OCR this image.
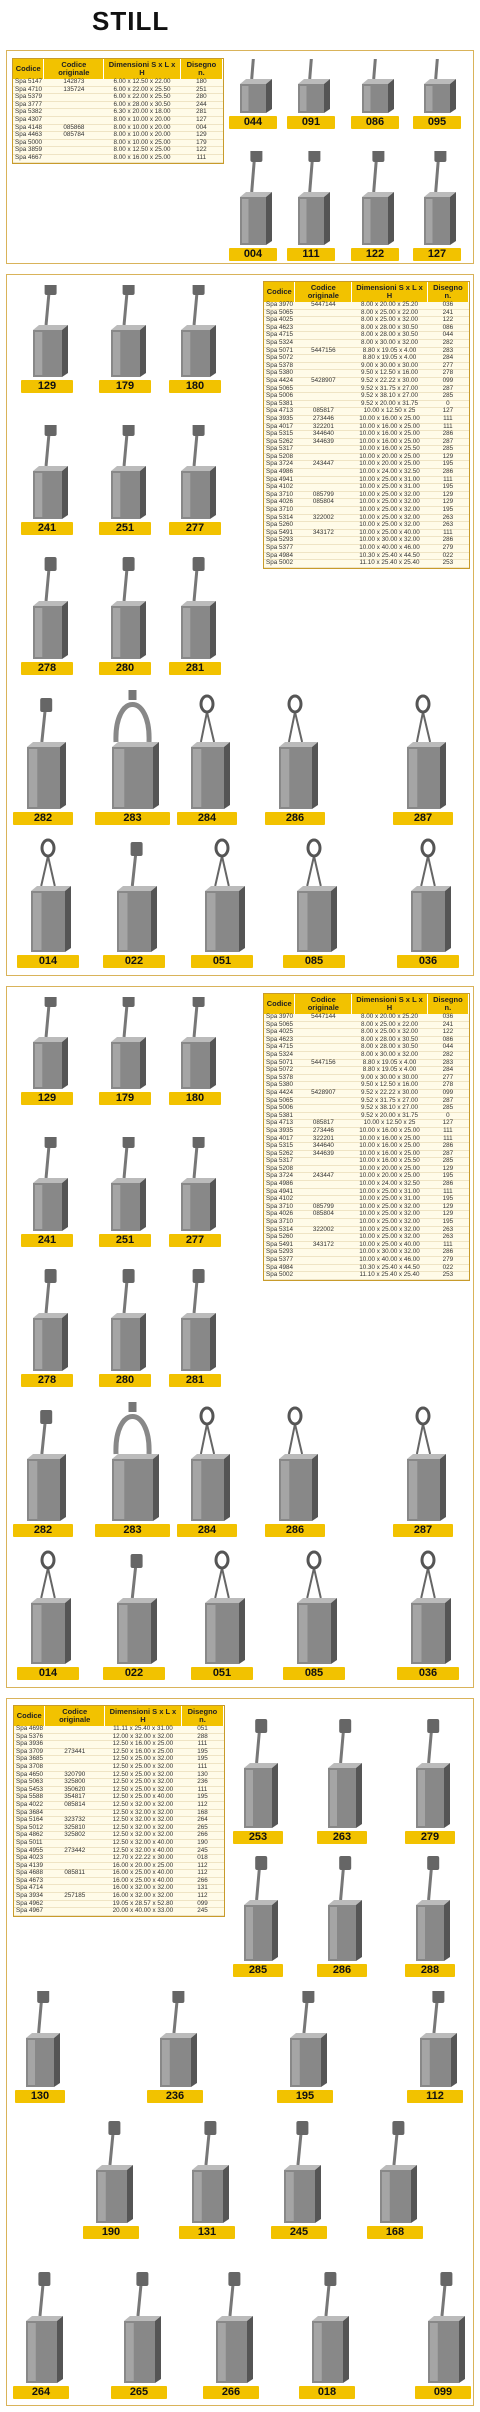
STILL
Codice	Codice originale	Dimensioni S x L x H	Disegno n.
Spa 5147	142873	6.00 x 12.50 x 22.00	180
Spa 4710	135724	6.00 x 22.00 x 25.50	251
Spa 5379		6.00 x 22.00 x 25.50	280
Spa 3777		6.00 x 28.00 x 30.50	244
Spa 5382		6.30 x 20.00 x 18.00	281
Spa 4307		8.00 x 10.00 x 20.00	127
Spa 4148	085868	8.00 x 10.00 x 20.00	004
Spa 4463	085784	8.00 x 10.00 x 20.00	129
Spa 5000		8.00 x 10.00 x 25.00	179
Spa 3859		8.00 x 12.50 x 25.00	122
Spa 4667		8.00 x 16.00 x 25.00	111
044	091	086	095
004	111	122	127
Codice	Codice originale	Dimensioni S x L x H	Disegno n.
Spa 3970	5447144	8.00 x 20.00 x 25.20	036
Spa 5065		8.00 x 25.00 x 22.00	241
Spa 4025		8.00 x 25.00 x 32.00	122
Spa 4623		8.00 x 28.00 x 30.50	086
Spa 4715		8.00 x 28.00 x 30.50	044
Spa 5324		8.00 x 30.00 x 32.00	282
Spa 5071	5447156	8.80 x 19.05 x 4.00	283
Spa 5072		8.80 x 19.05 x 4.00	284
Spa 5378		9.00 x 30.00 x 30.00	277
Spa 5380		9.50 x 12.50 x 16.00	278
Spa 4424	5428907	9.52 x 22.22 x 30.00	099
Spa 5065		9.52 x 31.75 x 27.00	287
Spa 5006		9.52 x 38.10 x 27.00	285
Spa 5381		9.52 x 20.00 x 31.75	0
Spa 4713	085817	10.00 x 12.50 x 25	127
Spa 3935	273446	10.00 x 16.00 x 25.00	111
Spa 4017	322201	10.00 x 16.00 x 25.00	111
Spa 5315	344640	10.00 x 16.00 x 25.00	286
Spa 5262	344639	10.00 x 16.00 x 25.00	287
Spa 5317		10.00 x 16.00 x 25.50	285
Spa 5208		10.00 x 20.00 x 25.00	129
Spa 3724	243447	10.00 x 20.00 x 25.00	195
Spa 4986		10.00 x 24.00 x 32.50	286
Spa 4941		10.00 x 25.00 x 31.00	111
Spa 4102		10.00 x 25.00 x 31.00	195
Spa 3710	085799	10.00 x 25.00 x 32.00	129
Spa 4026	085804	10.00 x 25.00 x 32.00	129
Spa 3710		10.00 x 25.00 x 32.00	195
Spa 5314	322002	10.00 x 25.00 x 32.00	263
Spa 5260		10.00 x 25.00 x 32.00	263
Spa 5491	343172	10.00 x 25.00 x 40.00	111
Spa 5293		10.00 x 30.00 x 32.00	286
Spa 5377		10.00 x 40.00 x 46.00	279
Spa 4984		10.30 x 25.40 x 44.50	022
Spa 5002		11.10 x 25.40 x 25.40	253
129	179	180
241	251	277
278	280	281
282	283	284	286	287
014	022	051	085	036
Codice	Codice originale	Dimensioni S x L x H	Disegno n.
Spa 3970	5447144	8.00 x 20.00 x 25.20	036
Spa 5065		8.00 x 25.00 x 22.00	241
Spa 4025		8.00 x 25.00 x 32.00	122
Spa 4623		8.00 x 28.00 x 30.50	086
Spa 4715		8.00 x 28.00 x 30.50	044
Spa 5324		8.00 x 30.00 x 32.00	282
Spa 5071	5447156	8.80 x 19.05 x 4.00	283
Spa 5072		8.80 x 19.05 x 4.00	284
Spa 5378		9.00 x 30.00 x 30.00	277
Spa 5380		9.50 x 12.50 x 16.00	278
Spa 4424	5428907	9.52 x 22.22 x 30.00	099
Spa 5065		9.52 x 31.75 x 27.00	287
Spa 5006		9.52 x 38.10 x 27.00	285
Spa 5381		9.52 x 20.00 x 31.75	0
Spa 4713	085817	10.00 x 12.50 x 25	127
Spa 3935	273446	10.00 x 16.00 x 25.00	111
Spa 4017	322201	10.00 x 16.00 x 25.00	111
Spa 5315	344640	10.00 x 16.00 x 25.00	286
Spa 5262	344639	10.00 x 16.00 x 25.00	287
Spa 5317		10.00 x 16.00 x 25.50	285
Spa 5208		10.00 x 20.00 x 25.00	129
Spa 3724	243447	10.00 x 20.00 x 25.00	195
Spa 4986		10.00 x 24.00 x 32.50	286
Spa 4941		10.00 x 25.00 x 31.00	111
Spa 4102		10.00 x 25.00 x 31.00	195
Spa 3710	085799	10.00 x 25.00 x 32.00	129
Spa 4026	085804	10.00 x 25.00 x 32.00	129
Spa 3710		10.00 x 25.00 x 32.00	195
Spa 5314	322002	10.00 x 25.00 x 32.00	263
Spa 5260		10.00 x 25.00 x 32.00	263
Spa 5491	343172	10.00 x 25.00 x 40.00	111
Spa 5293		10.00 x 30.00 x 32.00	286
Spa 5377		10.00 x 40.00 x 46.00	279
Spa 4984		10.30 x 25.40 x 44.50	022
Spa 5002		11.10 x 25.40 x 25.40	253
129	179	180
241	251	277
278	280	281
282	283	284	286	287
014	022	051	085	036
Codice	Codice originale	Dimensioni S x L x H	Disegno n.
Spa 4698		11.11 x 25.40 x 31.00	051
Spa 5376		12.00 x 32.00 x 32.00	288
Spa 3936		12.50 x 16.00 x 25.00	111
Spa 3709	273441	12.50 x 16.00 x 25.00	195
Spa 3685		12.50 x 25.00 x 32.00	195
Spa 3708		12.50 x 25.00 x 32.00	111
Spa 4650	320790	12.50 x 25.00 x 32.00	130
Spa 5063	325800	12.50 x 25.00 x 32.00	236
Spa 5453	350620	12.50 x 25.00 x 32.00	111
Spa 5588	354817	12.50 x 25.00 x 40.00	195
Spa 4022	085814	12.50 x 32.00 x 32.00	112
Spa 3684		12.50 x 32.00 x 32.00	168
Spa 5164	323732	12.50 x 32.00 x 32.00	264
Spa 5012	325810	12.50 x 32.00 x 32.00	265
Spa 4862	325802	12.50 x 32.00 x 32.00	266
Spa 5011		12.50 x 32.00 x 40.00	190
Spa 4955	273442	12.50 x 32.00 x 40.00	245
Spa 4023		12.70 x 22.22 x 30.00	018
Spa 4139		16.00 x 20.00 x 25.00	112
Spa 4688	085811	16.00 x 25.00 x 40.00	112
Spa 4673		16.00 x 25.00 x 40.00	266
Spa 4714		16.00 x 32.00 x 32.00	131
Spa 3934	257185	16.00 x 32.00 x 32.00	112
Spa 4962		19.05 x 28.57 x 52.80	099
Spa 4967		20.00 x 40.00 x 33.00	245
253	263	279
285	286	288
130	236	195	112
190	131	245	168
264	265	266	018	099
